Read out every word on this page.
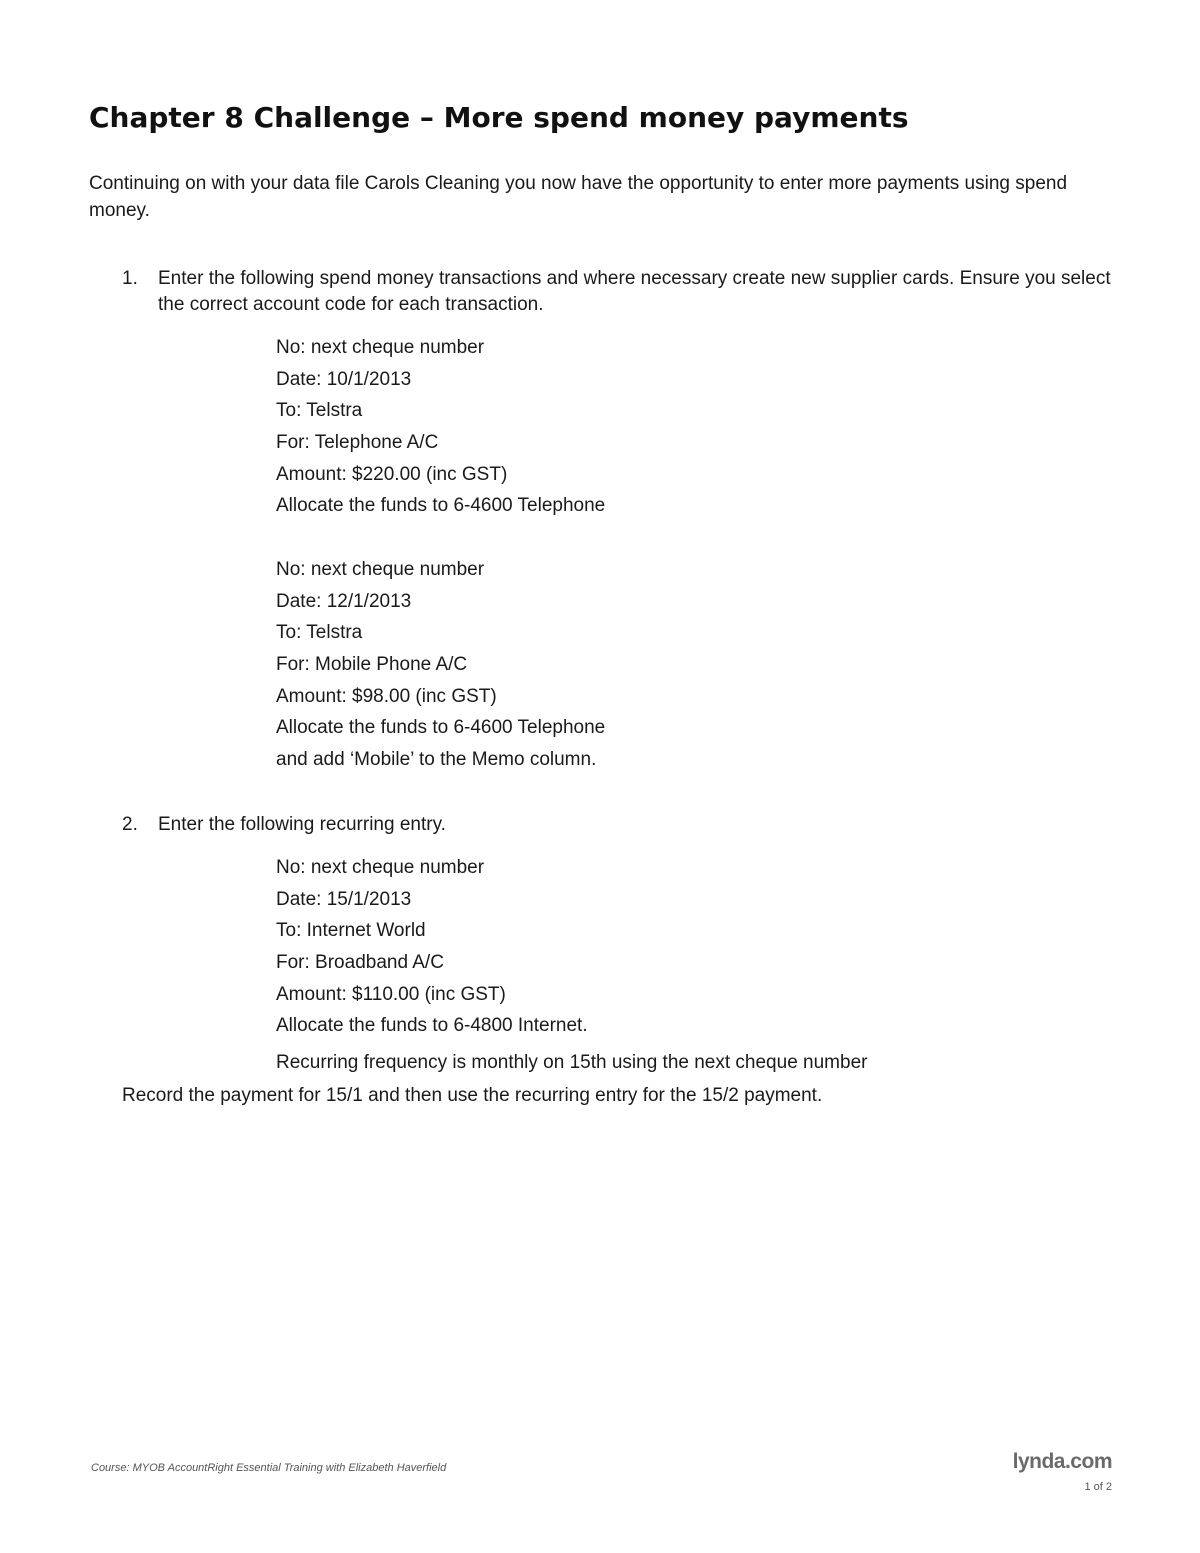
Chapter 8 Challenge – More spend money payments

Continuing on with your data file Carols Cleaning you now have the opportunity to enter more payments using spend money.

1. Enter the following spend money transactions and where necessary create new supplier cards. Ensure you select the correct account code for each transaction.
No: next cheque number
Date: 10/1/2013
To: Telstra
For: Telephone A/C
Amount: $220.00 (inc GST)
Allocate the funds to 6-4600 Telephone
No: next cheque number
Date: 12/1/2013
To: Telstra
For: Mobile Phone A/C
Amount: $98.00 (inc GST)
Allocate the funds to 6-4600 Telephone
and add ‘Mobile’ to the Memo column.
2. Enter the following recurring entry.
No: next cheque number
Date: 15/1/2013
To: Internet World
For: Broadband A/C
Amount: $110.00 (inc GST)
Allocate the funds to 6-4800 Internet.
Recurring frequency is monthly on 15th using the next cheque number
Record the payment for 15/1 and then use the recurring entry for the 15/2 payment.
Course: MYOB AccountRight Essential Training with Elizabeth Haverfield	lynda.com
1 of 2
